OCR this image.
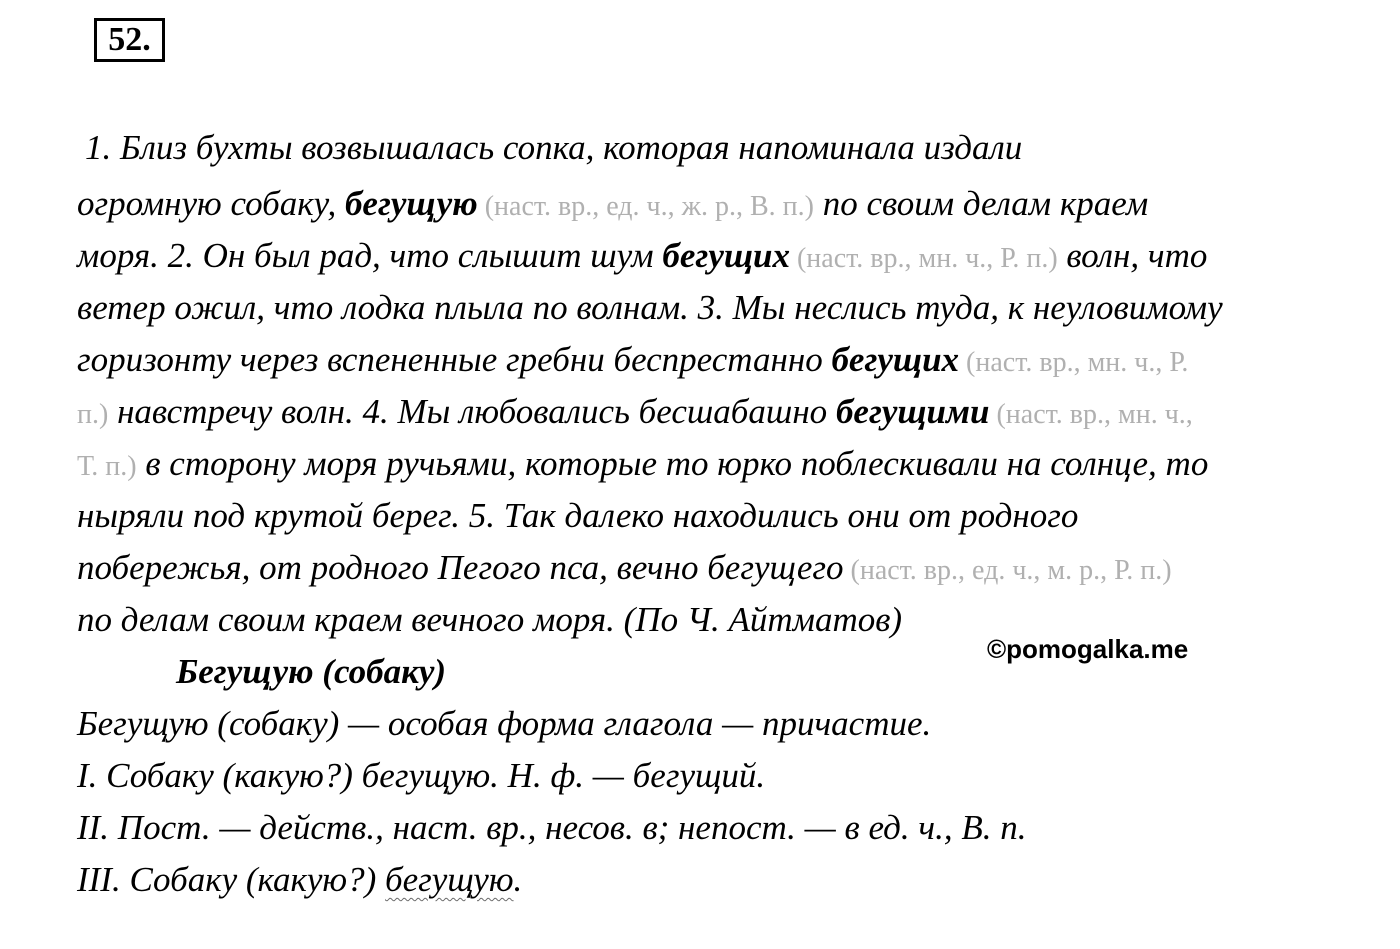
52.
1. Близ бухты возвышалась сопка, которая напоминала издали
огромную собаку, бегущую (наст. вр., ед. ч., ж. р., В. п.) по своим делам краем
моря. 2. Он был рад, что слышит шум бегущих (наст. вр., мн. ч., Р. п.) волн, что
ветер ожил, что лодка плыла по волнам. 3. Мы неслись туда, к неуловимому
горизонту через вспененные гребни беспрестанно бегущих (наст. вр., мн. ч., Р.
п.) навстречу волн. 4. Мы любовались бесшабашно бегущими (наст. вр., мн. ч.,
Т. п.) в сторону моря ручьями, которые то юрко поблескивали на солнце, то
ныряли под крутой берег. 5. Так далеко находились они от родного
побережья, от родного Пегого пса, вечно бегущего (наст. вр., ед. ч., м. р., Р. п.)
по делам своим краем вечного моря. (По Ч. Айтматов)
©pomogalka.me
Бегущую (собаку)
Бегущую (собаку) — особая форма глагола — причастие.
I. Собаку (какую?) бегущую. Н. ф. — бегущий.
II. Пост. — действ., наст. вр., несов. в; непост. — в ед. ч., В. п.
III. Собаку (какую?) бегущую.
